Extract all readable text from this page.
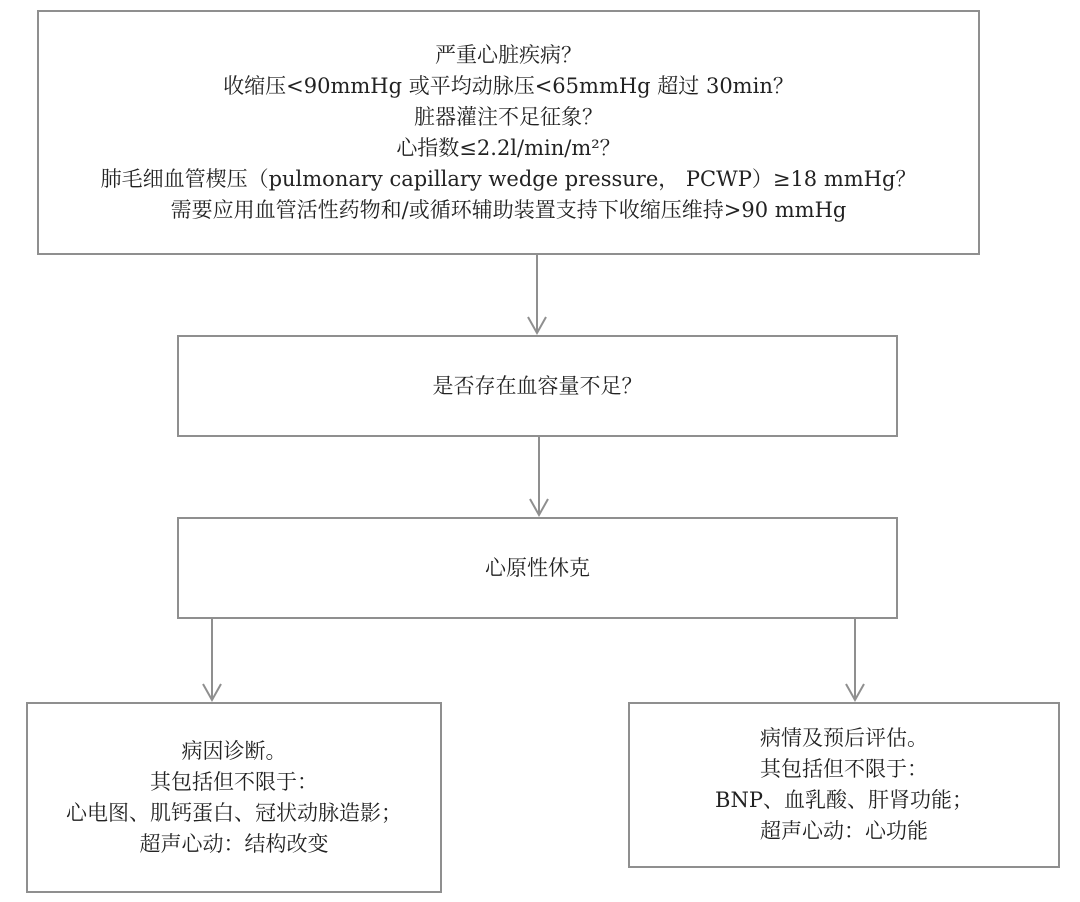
严重心脏疾病？
收缩压<90mmHg 或平均动脉压<65mmHg 超过 30min？
脏器灌注不足征象？
心指数≤2.2l/min/m²？
肺毛细血管楔压（pulmonary capillary wedge pressure， PCWP）≥18 mmHg？
需要应用血管活性药物和/或循环辅助装置支持下收缩压维持>90 mmHg
是否存在血容量不足？
心原性休克
病因诊断。
其包括但不限于：
心电图、肌钙蛋白、冠状动脉造影；
超声心动：结构改变
病情及预后评估。
其包括但不限于：
BNP、血乳酸、肝肾功能；
超声心动：心功能
